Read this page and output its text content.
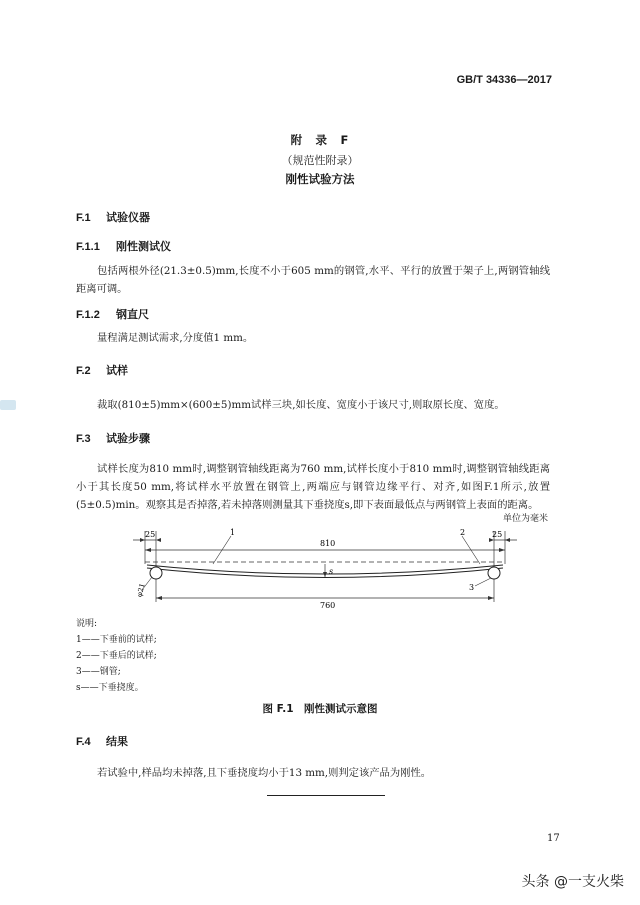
GB/T 34336—2017
附　录　F
（规范性附录）
刚性试验方法
F.1 试验仪器
F.1.1 刚性测试仪
包括两根外径(21.3±0.5)mm,长度不小于605 mm的钢管,水平、平行的放置于架子上,两钢管轴线距离可调。
F.1.2 钢直尺
量程满足测试需求,分度值1 mm。
F.2 试样
裁取(810±5)mm×(600±5)mm试样三块,如长度、宽度小于该尺寸,则取原长度、宽度。
F.3 试验步骤
试样长度为810 mm时,调整钢管轴线距离为760 mm,试样长度小于810 mm时,调整钢管轴线距离小于其长度50 mm,将试样水平放置在钢管上,两端应与钢管边缘平行、对齐,如图F.1所示,放置(5±0.5)min。观察其是否掉落,若未掉落则测量其下垂挠度s,即下表面最低点与两钢管上表面的距离。
单位为毫米
25
810
25
1	2
3
s
760
φ21
说明:
1——下垂前的试样;
2——下垂后的试样;
3——钢管;
s——下垂挠度。
图 F.1　刚性测试示意图
F.4 结果
若试验中,样品均未掉落,且下垂挠度均小于13 mm,则判定该产品为刚性。
17
头条 @一支火柴
